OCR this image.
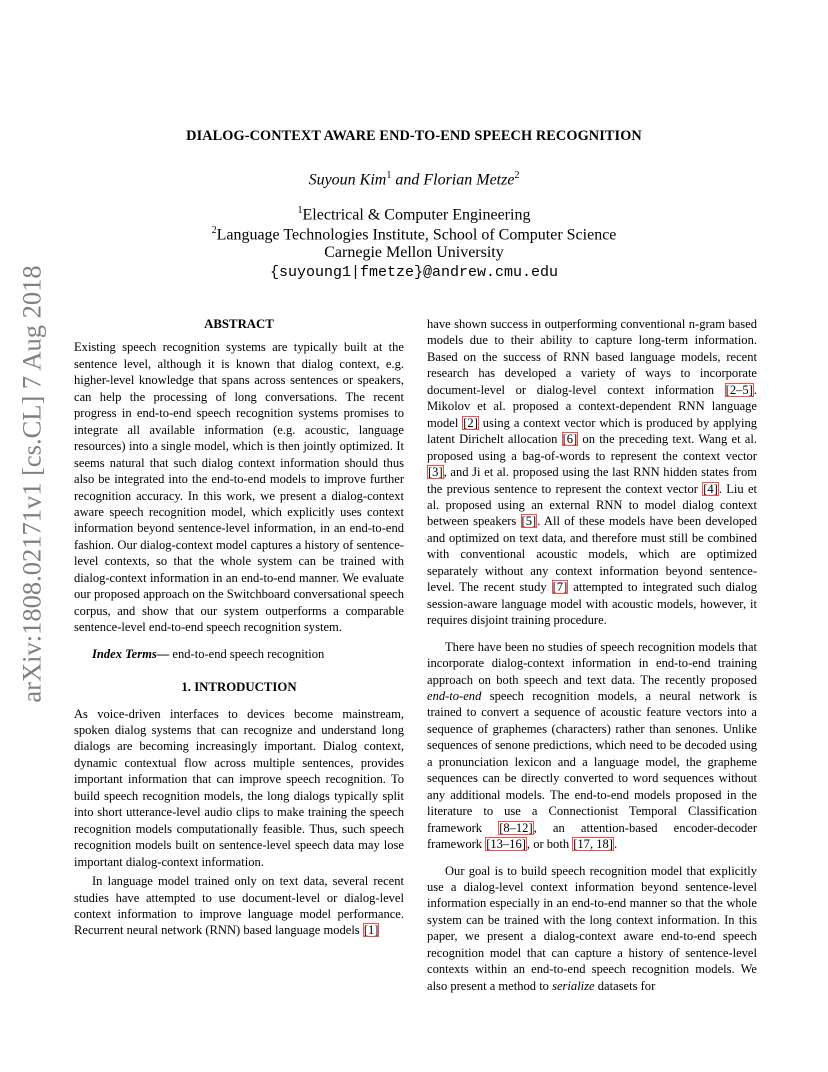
arXiv:1808.02171v1 [cs.CL] 7 Aug 2018
DIALOG-CONTEXT AWARE END-TO-END SPEECH RECOGNITION
Suyoun Kim$^1$ and Florian Metze$^2$
$^1$Electrical & Computer Engineering
$^2$Language Technologies Institute, School of Computer Science
Carnegie Mellon University
{suyoung1|fmetze}@andrew.cmu.edu
ABSTRACT

Existing speech recognition systems are typically built at the sentence level, although it is known that dialog context, e.g. higher-level knowledge that spans across sentences or speakers, can help the processing of long conversations. The recent progress in end-to-end speech recognition systems promises to integrate all available information (e.g. acoustic, language resources) into a single model, which is then jointly optimized. It seems natural that such dialog context information should thus also be integrated into the end-to-end models to improve further recognition accuracy. In this work, we present a dialog-context aware speech recognition model, which explicitly uses context information beyond sentence-level information, in an end-to-end fashion. Our dialog-context model captures a history of sentence-level contexts, so that the whole system can be trained with dialog-context information in an end-to-end manner. We evaluate our proposed approach on the Switchboard conversational speech corpus, and show that our system outperforms a comparable sentence-level end-to-end speech recognition system.

Index Terms— end-to-end speech recognition

1. INTRODUCTION

As voice-driven interfaces to devices become mainstream, spoken dialog systems that can recognize and understand long dialogs are becoming increasingly important. Dialog context, dynamic contextual flow across multiple sentences, provides important information that can improve speech recognition. To build speech recognition models, the long dialogs typically split into short utterance-level audio clips to make training the speech recognition models computationally feasible. Thus, such speech recognition models built on sentence-level speech data may lose important dialog-context information.

In language model trained only on text data, several recent studies have attempted to use document-level or dialog-level context information to improve language model performance. Recurrent neural network (RNN) based language models [1]

have shown success in outperforming conventional n-gram based models due to their ability to capture long-term information. Based on the success of RNN based language models, recent research has developed a variety of ways to incorporate document-level or dialog-level context information [2–5]. Mikolov et al. proposed a context-dependent RNN language model [2] using a context vector which is produced by applying latent Dirichelt allocation [6] on the preceding text. Wang et al. proposed using a bag-of-words to represent the context vector [3], and Ji et al. proposed using the last RNN hidden states from the previous sentence to represent the context vector [4]. Liu et al. proposed using an external RNN to model dialog context between speakers [5]. All of these models have been developed and optimized on text data, and therefore must still be combined with conventional acoustic models, which are optimized separately without any context information beyond sentence-level. The recent study [7] attempted to integrated such dialog session-aware language model with acoustic models, however, it requires disjoint training procedure.

There have been no studies of speech recognition models that incorporate dialog-context information in end-to-end training approach on both speech and text data. The recently proposed end-to-end speech recognition models, a neural network is trained to convert a sequence of acoustic feature vectors into a sequence of graphemes (characters) rather than senones. Unlike sequences of senone predictions, which need to be decoded using a pronunciation lexicon and a language model, the grapheme sequences can be directly converted to word sequences without any additional models. The end-to-end models proposed in the literature to use a Connectionist Temporal Classification framework [8–12], an attention-based encoder-decoder framework [13–16], or both [17, 18].

Our goal is to build speech recognition model that explicitly use a dialog-level context information beyond sentence-level information especially in an end-to-end manner so that the whole system can be trained with the long context information. In this paper, we present a dialog-context aware end-to-end speech recognition model that can capture a history of sentence-level contexts within an end-to-end speech recognition models. We also present a method to serialize datasets for
